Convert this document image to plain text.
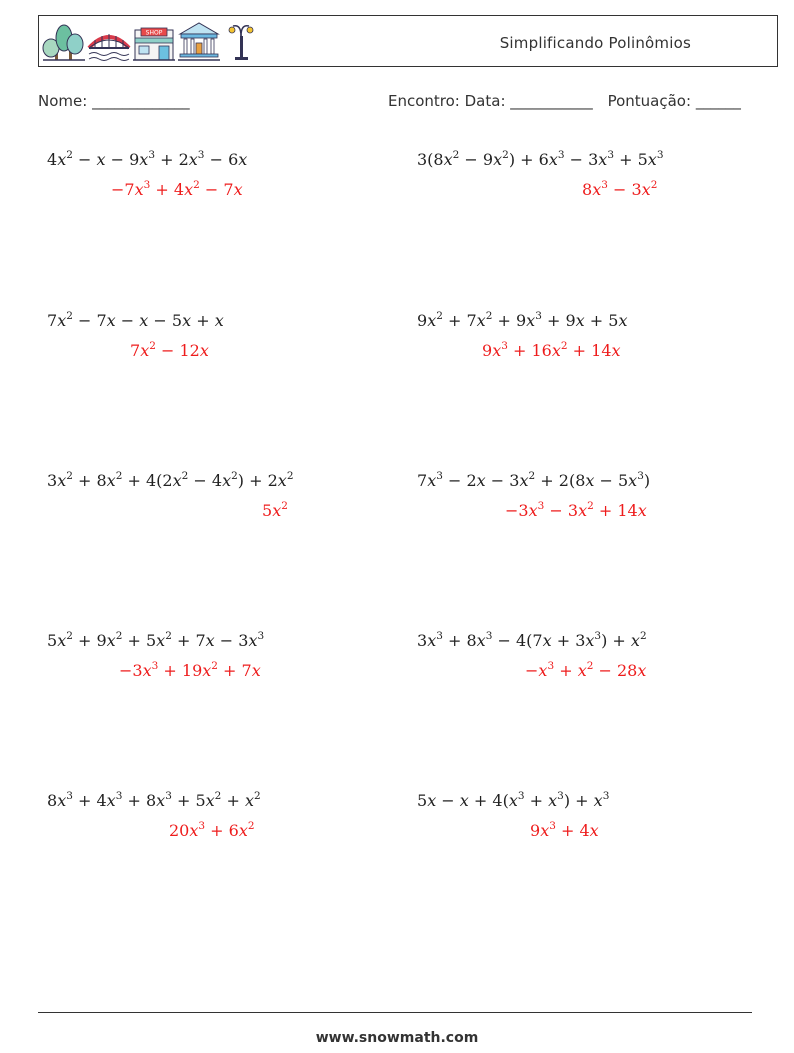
SHOP
Simplificando Polinômios
Nome: _____________	Encontro: Data: ___________ Pontuação: ______
$4x^2 - x - 9x^3 + 2x^3 - 6x$
$-7x^3 + 4x^2 - 7x$
$3(8x^2 - 9x^2) + 6x^3 - 3x^3 + 5x^3$
$8x^3 - 3x^2$
$7x^2 - 7x - x - 5x + x$
$7x^2 - 12x$
$9x^2 + 7x^2 + 9x^3 + 9x + 5x$
$9x^3 + 16x^2 + 14x$
$3x^2 + 8x^2 + 4(2x^2 - 4x^2) + 2x^2$
$5x^2$
$7x^3 - 2x - 3x^2 + 2(8x - 5x^3)$
$-3x^3 - 3x^2 + 14x$
$5x^2 + 9x^2 + 5x^2 + 7x - 3x^3$
$-3x^3 + 19x^2 + 7x$
$3x^3 + 8x^3 - 4(7x + 3x^3) + x^2$
$-x^3 + x^2 - 28x$
$8x^3 + 4x^3 + 8x^3 + 5x^2 + x^2$
$20x^3 + 6x^2$
$5x - x + 4(x^3 + x^3) + x^3$
$9x^3 + 4x$
www.snowmath.com
